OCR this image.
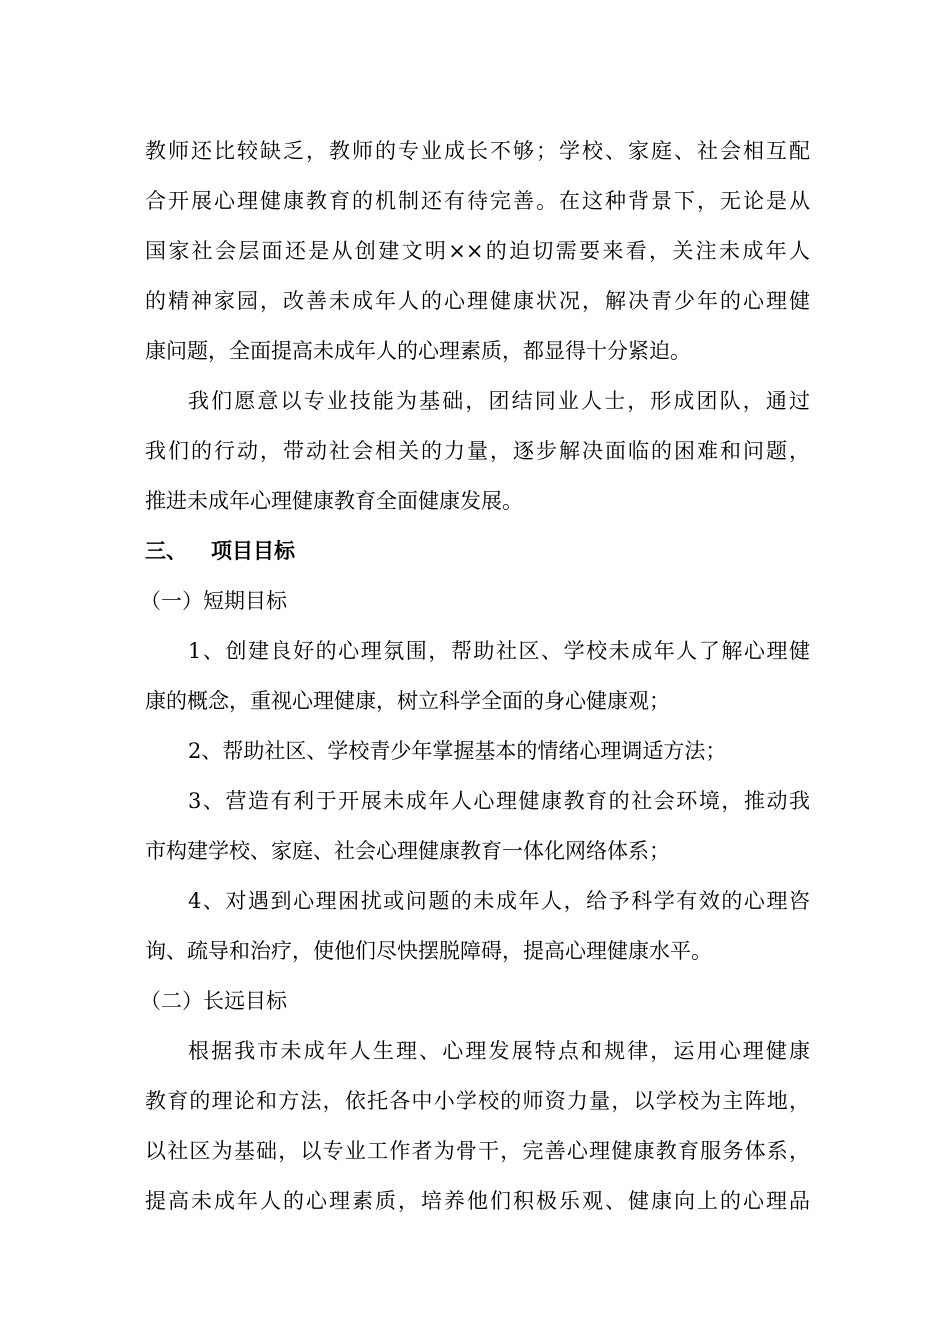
教师还比较缺乏，教师的专业成长不够；学校、家庭、社会相互配
合开展心理健康教育的机制还有待完善。在这种背景下，无论是从
国家社会层面还是从创建文明××的迫切需要来看，关注未成年人
的精神家园，改善未成年人的心理健康状况，解决青少年的心理健
康问题，全面提高未成年人的心理素质，都显得十分紧迫。
我们愿意以专业技能为基础，团结同业人士，形成团队，通过
我们的行动，带动社会相关的力量，逐步解决面临的困难和问题，
推进未成年心理健康教育全面健康发展。
三、 项目目标
（一）短期目标
1、创建良好的心理氛围，帮助社区、学校未成年人了解心理健
康的概念，重视心理健康，树立科学全面的身心健康观；
2、帮助社区、学校青少年掌握基本的情绪心理调适方法；
3、营造有利于开展未成年人心理健康教育的社会环境，推动我
市构建学校、家庭、社会心理健康教育一体化网络体系；
4、对遇到心理困扰或问题的未成年人，给予科学有效的心理咨
询、疏导和治疗，使他们尽快摆脱障碍，提高心理健康水平。
（二）长远目标
根据我市未成年人生理、心理发展特点和规律，运用心理健康
教育的理论和方法，依托各中小学校的师资力量，以学校为主阵地，
以社区为基础，以专业工作者为骨干，完善心理健康教育服务体系，
提高未成年人的心理素质，培养他们积极乐观、健康向上的心理品
